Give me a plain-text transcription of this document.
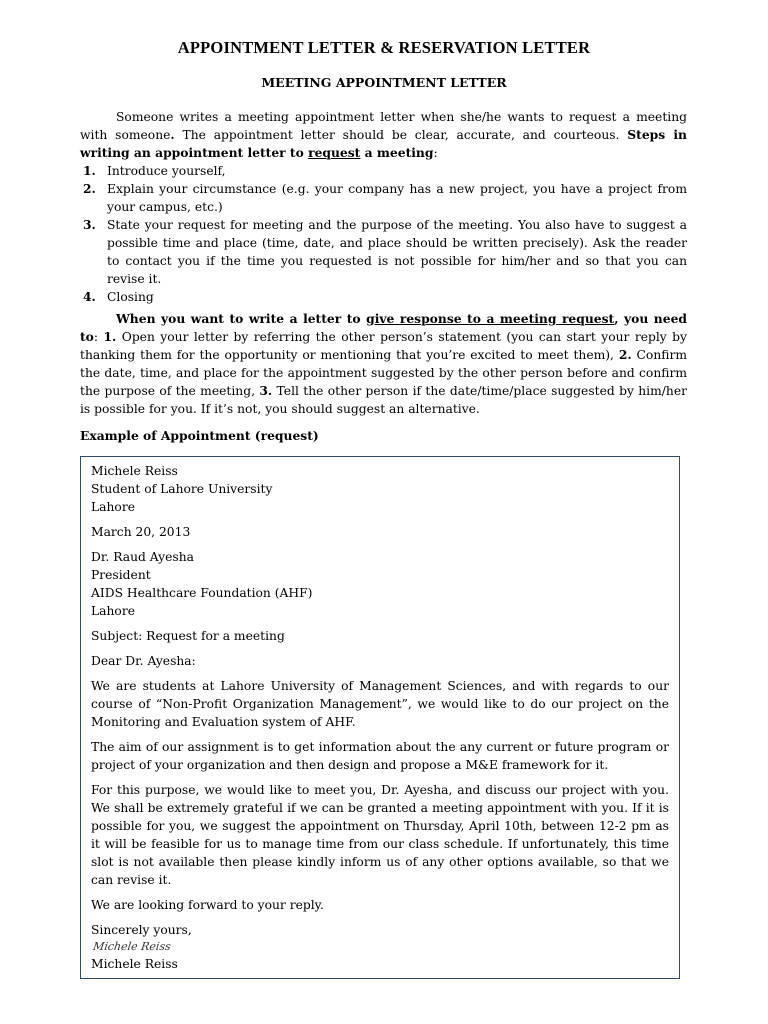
APPOINTMENT LETTER & RESERVATION LETTER
MEETING APPOINTMENT LETTER

Someone writes a meeting appointment letter when she/he wants to request a meeting with someone. The appointment letter should be clear, accurate, and courteous. Steps in writing an appointment letter to request a meeting:

1. Introduce yourself,
2. Explain your circumstance (e.g. your company has a new project, you have a project from your campus, etc.)
3. State your request for meeting and the purpose of the meeting. You also have to suggest a possible time and place (time, date, and place should be written precisely). Ask the reader to contact you if the time you requested is not possible for him/her and so that you can revise it.
4. Closing

When you want to write a letter to give response to a meeting request, you need to: 1. Open your letter by referring the other person’s statement (you can start your reply by thanking them for the opportunity or mentioning that you’re excited to meet them), 2. Confirm the date, time, and place for the appointment suggested by the other person before and confirm the purpose of the meeting, 3. Tell the other person if the date/time/place suggested by him/her is possible for you. If it’s not, you should suggest an alternative.

Example of Appointment (request)
Michele Reiss
Student of Lahore University
Lahore
March 20, 2013
Dr. Raud Ayesha
President
AIDS Healthcare Foundation (AHF)
Lahore
Subject: Request for a meeting
Dear Dr. Ayesha:
We are students at Lahore University of Management Sciences, and with regards to our course of “Non-Profit Organization Management”, we would like to do our project on the Monitoring and Evaluation system of AHF.
The aim of our assignment is to get information about the any current or future program or project of your organization and then design and propose a M&E framework for it.
For this purpose, we would like to meet you, Dr. Ayesha, and discuss our project with you. We shall be extremely grateful if we can be granted a meeting appointment with you. If it is possible for you, we suggest the appointment on Thursday, April 10th, between 12-2 pm as it will be feasible for us to manage time from our class schedule. If unfortunately, this time slot is not available then please kindly inform us of any other options available, so that we can revise it.
We are looking forward to your reply.
Sincerely yours,
Michele Reiss
Michele Reiss
